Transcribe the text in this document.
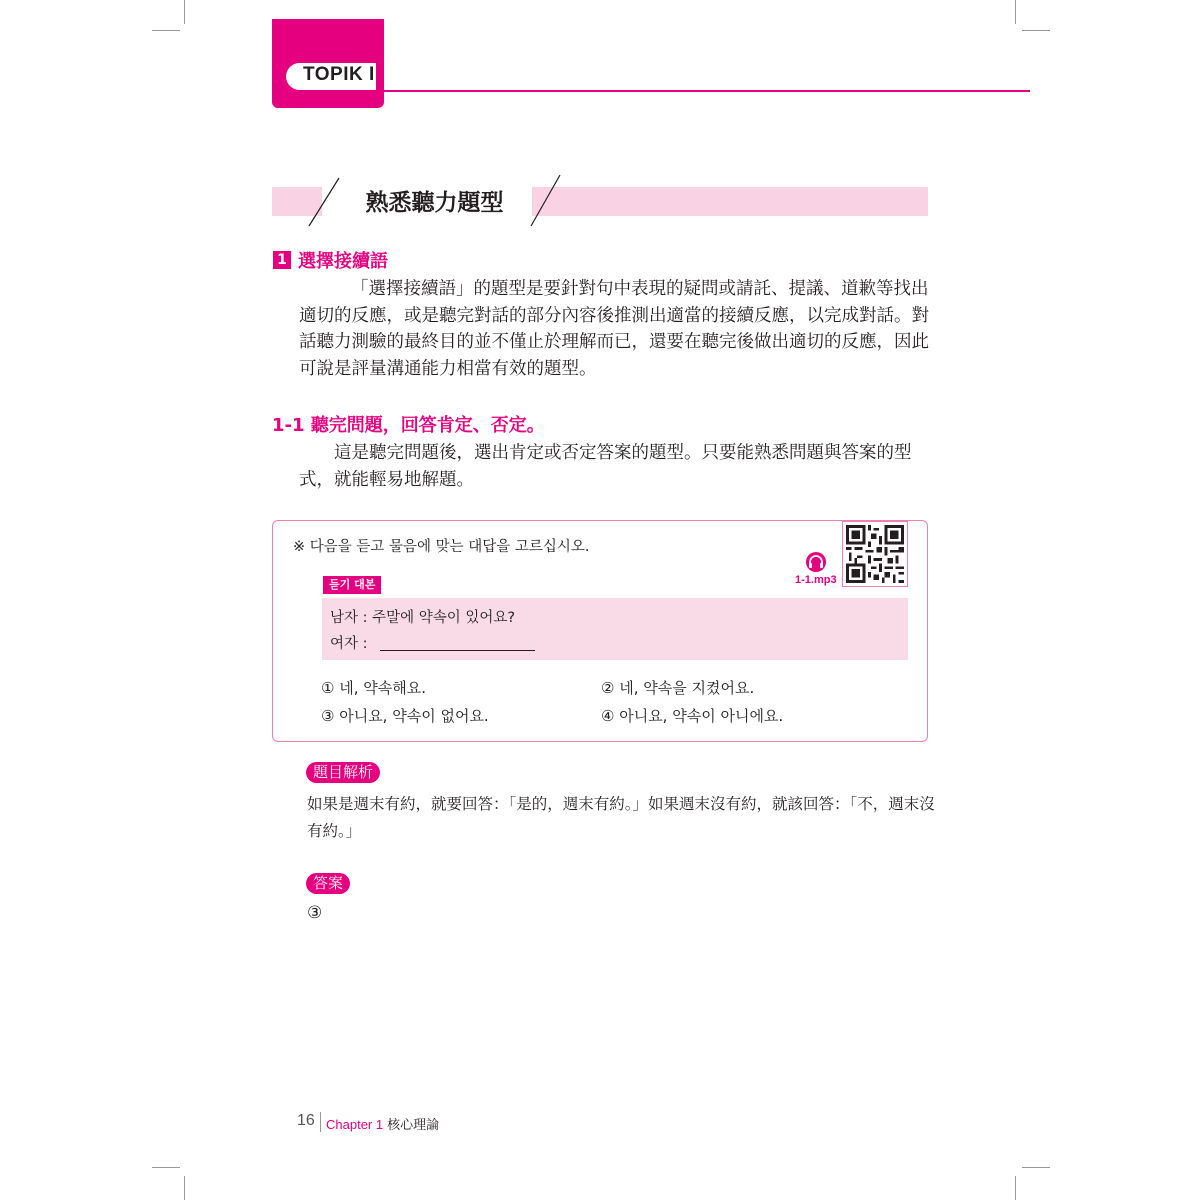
TOPIK I
熟悉聽力題型
1 選擇接續語
「選擇接續語」的題型是要針對句中表現的疑問或請託、提議、道歉等找出適切的反應，或是聽完對話的部分內容後推測出適當的接續反應，以完成對話。對話聽力測驗的最終目的並不僅止於理解而已，還要在聽完後做出適切的反應，因此可說是評量溝通能力相當有效的題型。
1-1 聽完問題，回答肯定、否定。
這是聽完問題後，選出肯定或否定答案的題型。只要能熟悉問題與答案的型式，就能輕易地解題。
※ 다음을 듣고 물음에 맞는 대답을 고르십시오.
듣기 대본	1-1.mp3
남자 : 주말에 약속이 있어요?
여자 :
① 네, 약속해요.	② 네, 약속을 지켰어요.
③ 아니요, 약속이 없어요.	④ 아니요, 약속이 아니에요.
題目解析
如果是週末有約，就要回答：「是的，週末有約。」如果週末沒有約，就該回答：「不，週末沒有約。」
答案
③
16 Chapter 1 核心理論
